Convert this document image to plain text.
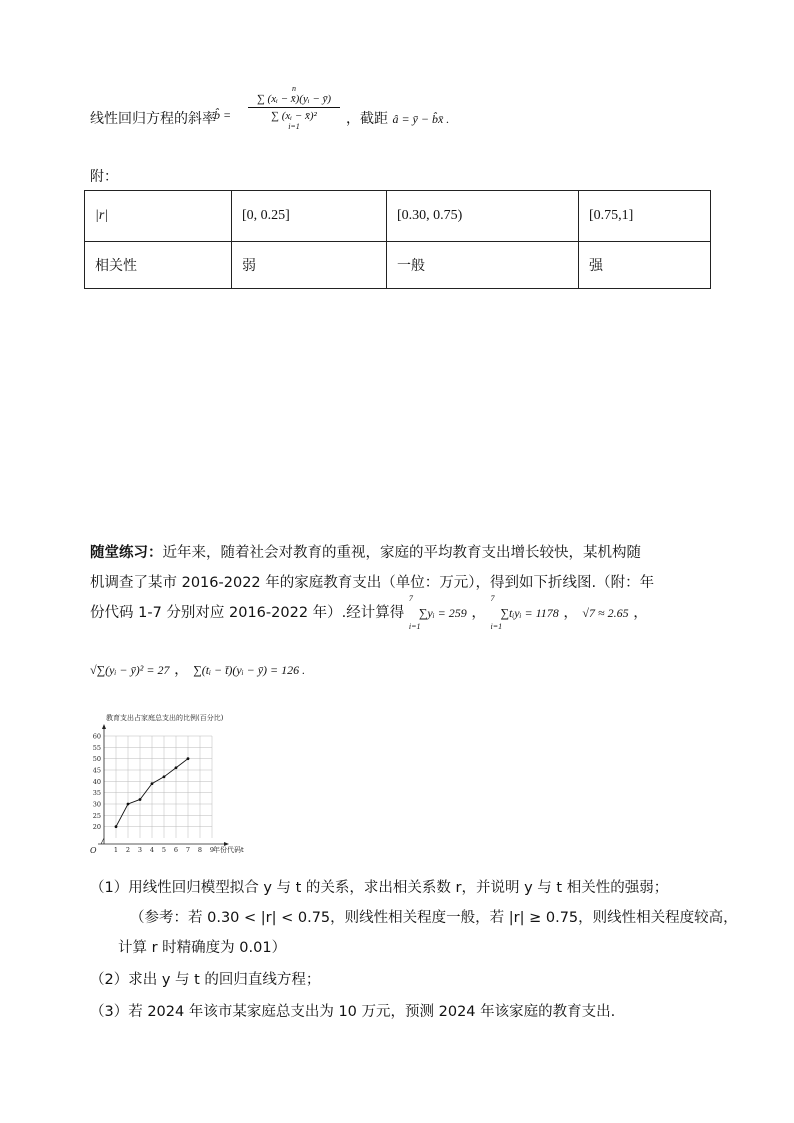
线性回归方程的斜率
b̂ =
n
∑ (xᵢ − x̄)(yᵢ − ȳ)
∑ (xᵢ − x̄)²
i=1	，截距 â = ȳ − b̂x̄ .
附：
|r|	[0, 0.25]	[0.30, 0.75)	[0.75,1]
相关性	弱	一般	强
随堂练习：近年来，随着社会对教育的重视，家庭的平均教育支出增长较快，某机构随
机调查了某市 2016-2022 年的家庭教育支出（单位：万元），得到如下折线图.（附：年
份代码 1-7 分别对应 2016-2022 年）.经计算得
7
∑yᵢ = 259
i=1
，
7
∑tᵢyᵢ = 1178
i=1
， √7 ≈ 2.65 ，
√∑(yᵢ − ȳ)² = 27 ， ∑(tᵢ − t̄)(yᵢ − ȳ) = 126 .
教育支出占家庭总支出的比例(百分比)
20
25
30
35
40
45
50
55
60
1 2 3 4 5 6 7 8 9
年份代码t
O
（1）用线性回归模型拟合 y 与 t 的关系，求出相关系数 r，并说明 y 与 t 相关性的强弱；
（参考：若 0.30 < |r| < 0.75，则线性相关程度一般，若 |r| ≥ 0.75，则线性相关程度较高，
计算 r 时精确度为 0.01）
（2）求出 y 与 t 的回归直线方程；
（3）若 2024 年该市某家庭总支出为 10 万元，预测 2024 年该家庭的教育支出.
